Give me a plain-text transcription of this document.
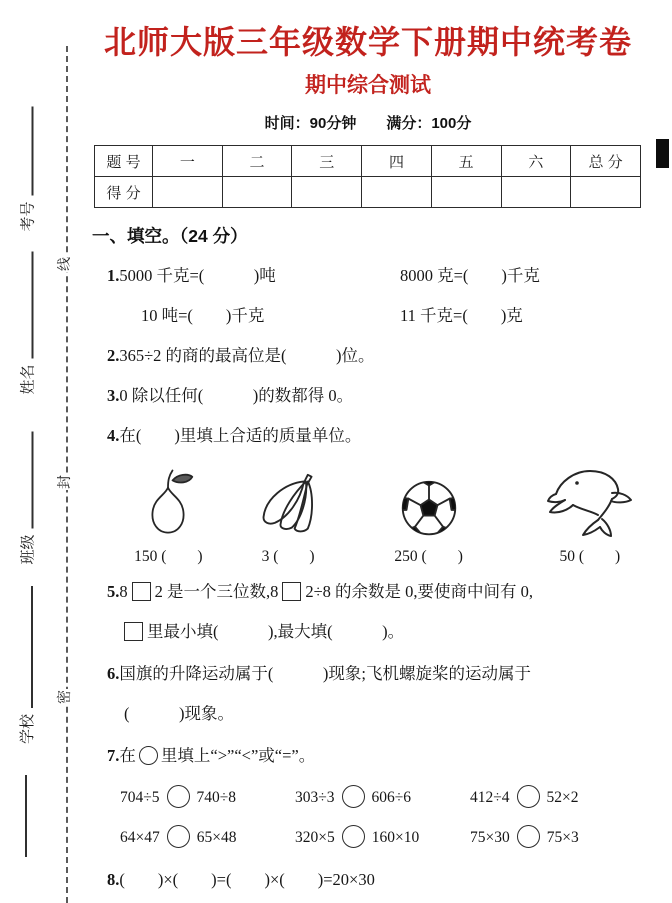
线
封
密
考号
姓名
班级
学校
北师大版三年级数学下册期中统考卷
期中综合测试
时间：90分钟　　满分：100分
题 号	一	二	三	四	五	六	总 分
得 分							
一、填空。（24 分）
1.5000 千克=(　　　)吨	8000 克=(　　)千克
10 吨=(　　)千克	11 千克=(　　)克
2.365÷2 的商的最高位是(　　　)位。
3.0 除以任何(　　　)的数都得 0。
4.在(　　)里填上合适的质量单位。
150 (　　)	3 (　　)	250 (　　)	50 (　　)
5.8 2 是一个三位数,8 2÷8 的余数是 0,要使商中间有 0,
里最小填(　　　),最大填(　　　)。
6.国旗的升降运动属于(　　　)现象;飞机螺旋桨的运动属于
(　　　)现象。
7.在 里填上“>”“<”或“=”。
704÷5 740÷8	303÷3 606÷6	412÷4 52×2
64×47 65×48	320×5 160×10	75×30 75×3
8.(　　)×(　　)=(　　)×(　　)=20×30
